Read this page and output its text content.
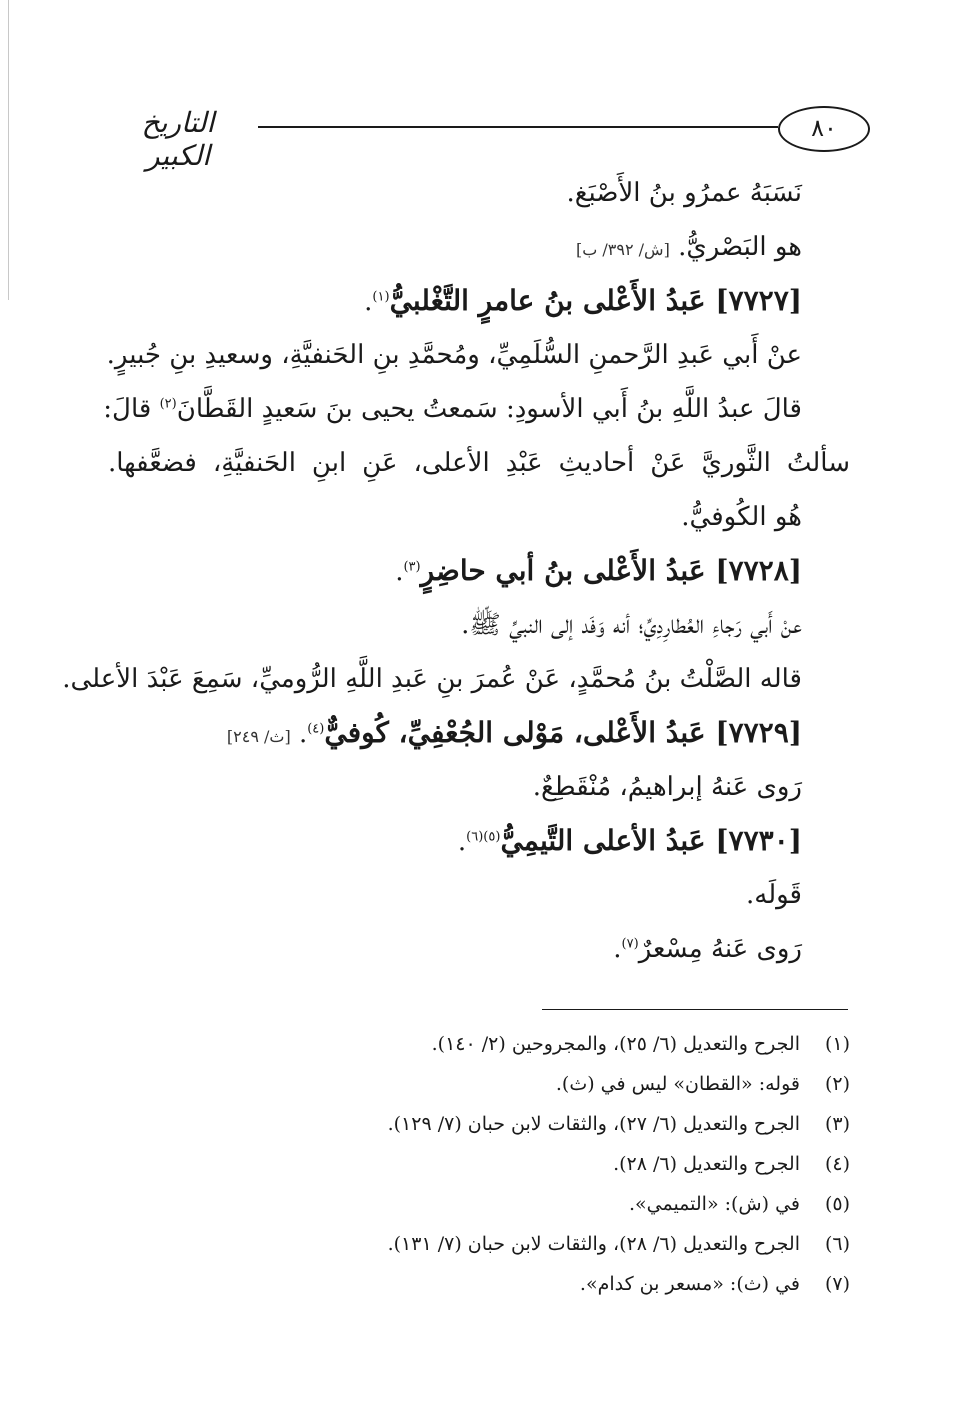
التاريخ الكبير
٨٠
نَسَبَهُ عمرُو بنُ الأَصْبَغ.
هو البَصْريُّ. [ش/ ٣٩٢/ ب]
[٧٧٢٧] عَبدُ الأَعْلى بنُ عامرٍ التَّغْلبيُّ$^{(١)}$.
عنْ أَبي عَبدِ الرَّحمنِ السُّلَمِيِّ، ومُحمَّدِ بنِ الحَنفيَّةِ، وسعيدِ بنِ جُبيرٍ.
قالَ عبدُ اللَّهِ بنُ أَبي الأسودِ: سَمعتُ يحيى بنَ سَعيدٍ القَطَّانَ$^{(٢)}$ قالَ:
سألتُ الثَّوريَّ عَنْ أحاديثِ عَبْدِ الأعلى، عَنِ ابنِ الحَنفيَّةِ، فضعَّفها.
هُو الكُوفيُّ.
[٧٧٢٨] عَبدُ الأَعْلى بنُ أبي حاضِرٍ$^{(٣)}$.
عنْ أَبي رَجاءِ العُطارِدِيِّ؛ أنه وَفَد إلى النبيِّ ﷺ.
قاله الصَّلْتُ بنُ مُحمَّدٍ، عَنْ عُمرَ بنِ عَبدِ اللَّهِ الرُّوميِّ، سَمِعَ عَبْدَ الأعلى.
[٧٧٢٩] عَبدُ الأَعْلى، مَوْلى الجُعْفِيِّ، كُوفيٌّ$^{(٤)}$. [ث/ ٢٤٩]
رَوى عَنهُ إبراهيمُ، مُنْقَطِعٌ.
[٧٧٣٠] عَبدُ الأعلى التَّيمِيُّ$^{(٥)(٦)}$.
قَولَه.
رَوى عَنهُ مِسْعرٌ$^{(٧)}$.
(١)الجرح والتعديل (٦/ ٢٥)، والمجروحين (٢/ ١٤٠).
(٢)قوله: «القطان» ليس في (ث).
(٣)الجرح والتعديل (٦/ ٢٧)، والثقات لابن حبان (٧/ ١٢٩).
(٤)الجرح والتعديل (٦/ ٢٨).
(٥)في (ش): «التميمي».
(٦)الجرح والتعديل (٦/ ٢٨)، والثقات لابن حبان (٧/ ١٣١).
(٧)في (ث): «مسعر بن كدام».
